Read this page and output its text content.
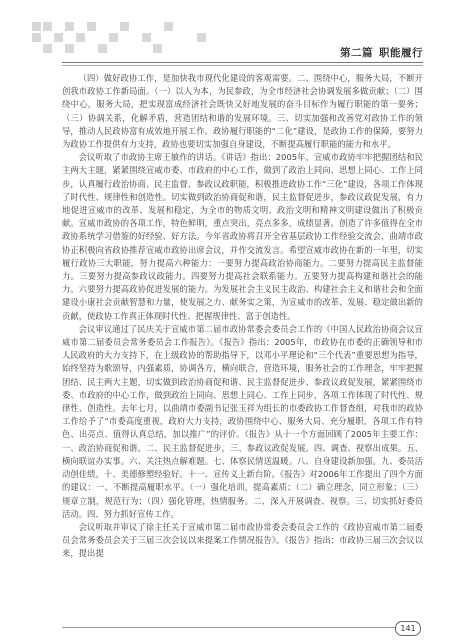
第二篇 职能履行

（四）做好政协工作，是加快我市现代化建设的客观需要。二、围绕中心，服务大局，不断开创我市政协工作新局面。（一）以人为本，为民参政，为全市经济社会协调发展多做贡献；（二）围绕中心，服务大局，把实现富成经济社会既快又好地发展的奋斗目标作为履行职能的第一要务；（三）协调关系，化解矛盾，营造团结和谐的发展环境。三、切实加强和改善党对政协工作的领导，推动人民政协富有成效地开展工作。政协履行职能的“二化”建设，是政协工作的保障，要努力为政协工作提供有力支持，政协也要切实加强自身建设，不断提高履行职能的能力和水平。

会议听取了市政协主席王敏作的讲话。《讲话》指出：2005年，宣威市政协牢牢把握团结和民主两大主题，紧紧围绕宣威市委、市政府的中心工作，做到了政治上同向、思想上同心、工作上同步，认真履行政治协商、民主监督、参政议政职能，积极推进政协工作“三化”建设，各项工作体现了时代性、规律性和创造性。切实做到政治协商促和谐，民主监督促进步，参政议政促发展，有力地促进宣威市的改革、发展和稳定，为全市的物质文明、政治文明和精神文明建设做出了积极贡献。宣威市政协的各项工作，特色鲜明，重点突出，亮点多多，成绩显著。创造了许多值得在全市政协系统学习借鉴的好经验、好方法。今年省政协将召开全省基层政协工作经验交流会，曲靖市政协正积极向省政协推荐宣威市政协出席会议，并作交流发言。希望宣威市政协在新的一年里，切实履行政协三大职能，努力提高六种能力：一要努力提高政治协商能力。二要努力提高民主监督能力。三要努力提高参政议政能力。四要努力提高社会联系能力。五要努力提高构建和谐社会的能力。六要努力提高政协促进发展的能力。为发展社会主义民主政治、构建社会主义和谐社会和全面建设小康社会贡献智慧和力量，使发展之力、献务实之策，为宣威市的改革、发展、稳定做出新的贡献，使政协工作真正体现时代性、把握规律性、富于创造性。

会议审议通过了民庆关于宣威市第二届市政协常委会委员会工作的《中国人民政治协商会议宣威市第二届委员会常务委员会工作报告》。《报告》指出：2005年，市政协在市委的正确领导和市人民政府的大力支持下，在上级政协的帮助指导下，以邓小平理论和“三个代表”重要思想为指导，始终坚持为歌颂导，内强素质，协调各方，横向联合，营造环境，服务社会的工作理念，牢牢把握团结、民主两大主题，切实做到政治协商促和谐、民主监督促进步、参政议政促发展，紧紧围绕市委、市政府的中心工作，做到政治上同向、思想上同心、工作上同步，各项工作体现了时代性、规律性、创造性。去年七月，以曲靖市委副书记张玉祥为组长的市委政协工作督查组，对我市的政协工作给予了“市委高度重视，政府大力支持，政协围绕中心、服务大局、充分履职，各项工作有特色、出亮点、值得认真总结，加以推广”的评价。《报告》从十一个方面回顾了2005年主要工作：一、政治协商促和谐。二、民主监督促进步。三、参政议政促发展。四、调查、视察出成果。五、横向联谊办实事。六、关注热点解难题。七、体察民情送温暖。八、自身建设新加强。九、委员活动创佳绩。十、美德修塑经验好。十一、宣传义上新台阶。《报告》对2006年工作提出了四个方面的建议：一、不断提高履职水平。（一）强化培训，提高素质；（二）确立理念，同立形象；（三）规章立制，规范行为；（四）强化管理，热情服务。二、深入开展调查、视察。三、切实抓好委员活动。四、努力抓好宣传工作。

会议听取并审议了徐主任关于宣威市第二届市政协常委会委员会工作的《政协宣威市第二届委员会常务委员会关于三届三次会议以来提案工作情况报告》。《报告》指出：市政协三届三次会议以来，提出提

141
